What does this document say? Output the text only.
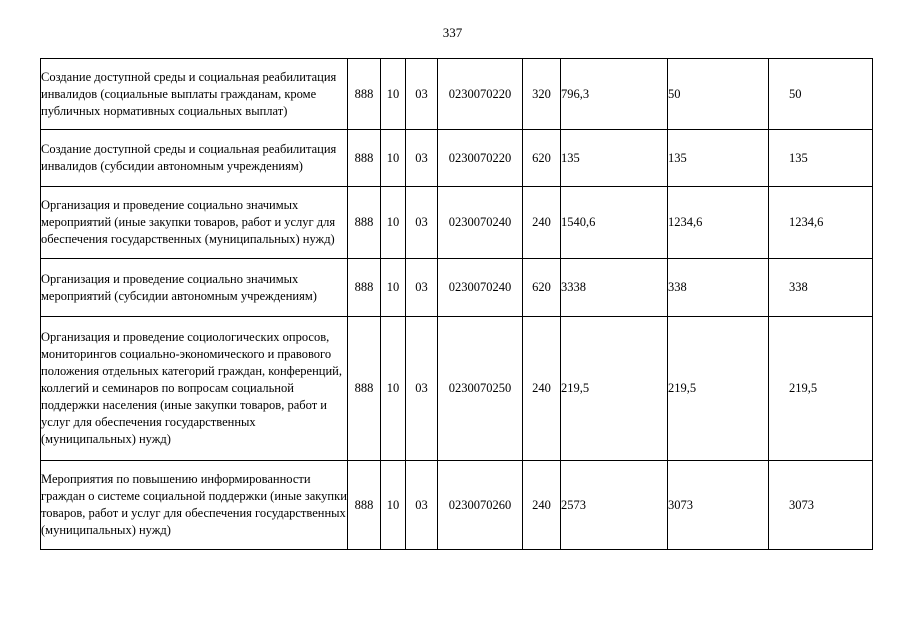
337
Создание доступной среды и социальная реабилитация инвалидов (социальные выплаты гражданам, кроме публичных нормативных социальных выплат)	888	10	03	0230070220	320	796,3	50	50
Создание доступной среды и социальная реабилитация инвалидов (субсидии автономным учреждениям)	888	10	03	0230070220	620	135	135	135
Организация и проведение социально значимых мероприятий (иные закупки товаров, работ и услуг для обеспечения государственных (муниципальных) нужд)	888	10	03	0230070240	240	1540,6	1234,6	1234,6
Организация и проведение социально значимых мероприятий (субсидии автономным учреждениям)	888	10	03	0230070240	620	3338	338	338
Организация и проведение социологических опросов, мониторингов социально-экономического и правового положения отдельных категорий граждан, конференций, коллегий и семинаров по вопросам социальной поддержки населения (иные закупки товаров, работ и услуг для обеспечения государственных (муниципальных) нужд)	888	10	03	0230070250	240	219,5	219,5	219,5
Мероприятия по повышению информированности граждан о системе социальной поддержки (иные закупки товаров, работ и услуг для обеспечения государственных (муниципальных) нужд)	888	10	03	0230070260	240	2573	3073	3073
